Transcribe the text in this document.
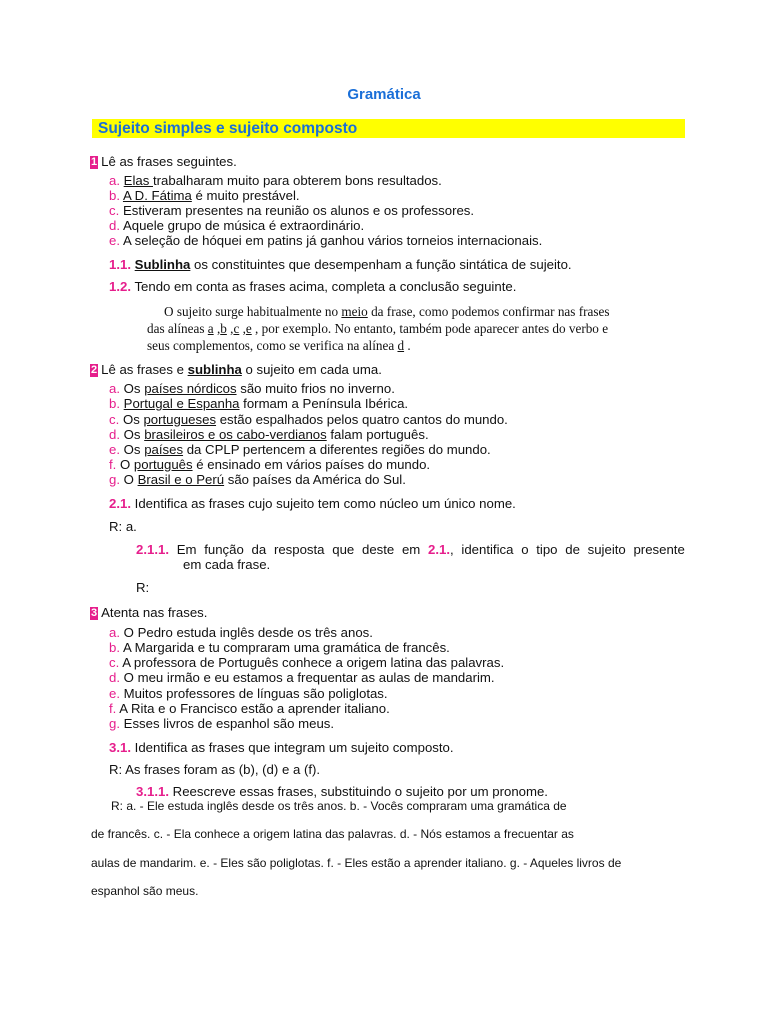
Gramática
Sujeito simples e sujeito composto
1 Lê as frases seguintes.
a. Elas trabalharam muito para obterem bons resultados.
b. A D. Fátima é muito prestável.
c. Estiveram presentes na reunião os alunos e os professores.
d. Aquele grupo de música é extraordinário.
e. A seleção de hóquei em patins já ganhou vários torneios internacionais.
1.1. Sublinha os constituintes que desempenham a função sintática de sujeito.
1.2. Tendo em conta as frases acima, completa a conclusão seguinte.
O sujeito surge habitualmente no meio da frase, como podemos confirmar nas frases
das alíneas a ,b ,c ,e , por exemplo. No entanto, também pode aparecer antes do verbo e
seus complementos, como se verifica na alínea d .
2 Lê as frases e sublinha o sujeito em cada uma.
a. Os países nórdicos são muito frios no inverno.
b. Portugal e Espanha formam a Península Ibérica.
c. Os portugueses estão espalhados pelos quatro cantos do mundo.
d. Os brasileiros e os cabo-verdianos falam português.
e. Os países da CPLP pertencem a diferentes regiões do mundo.
f. O português é ensinado em vários países do mundo.
g. O Brasil e o Perú são países da América do Sul.
2.1. Identifica as frases cujo sujeito tem como núcleo um único nome.
R: a.
2.1.1. Em função da resposta que deste em 2.1., identifica o tipo de sujeito presente
em cada frase.
R:
3 Atenta nas frases.
a. O Pedro estuda inglês desde os três anos.
b. A Margarida e tu compraram uma gramática de francês.
c. A professora de Português conhece a origem latina das palavras.
d. O meu irmão e eu estamos a frequentar as aulas de mandarim.
e. Muitos professores de línguas são poliglotas.
f. A Rita e o Francisco estão a aprender italiano.
g. Esses livros de espanhol são meus.
3.1. Identifica as frases que integram um sujeito composto.
R: As frases foram as (b), (d) e a (f).
3.1.1. Reescreve essas frases, substituindo o sujeito por um pronome.
R: a. - Ele estuda inglês desde os três anos. b. - Vocês compraram uma gramática de
de francês. c. - Ela conhece a origem latina das palavras. d. - Nós estamos a frecuentar as
aulas de mandarim. e. - Eles são poliglotas. f. - Eles estão a aprender italiano. g. - Aqueles livros de
espanhol são meus.
